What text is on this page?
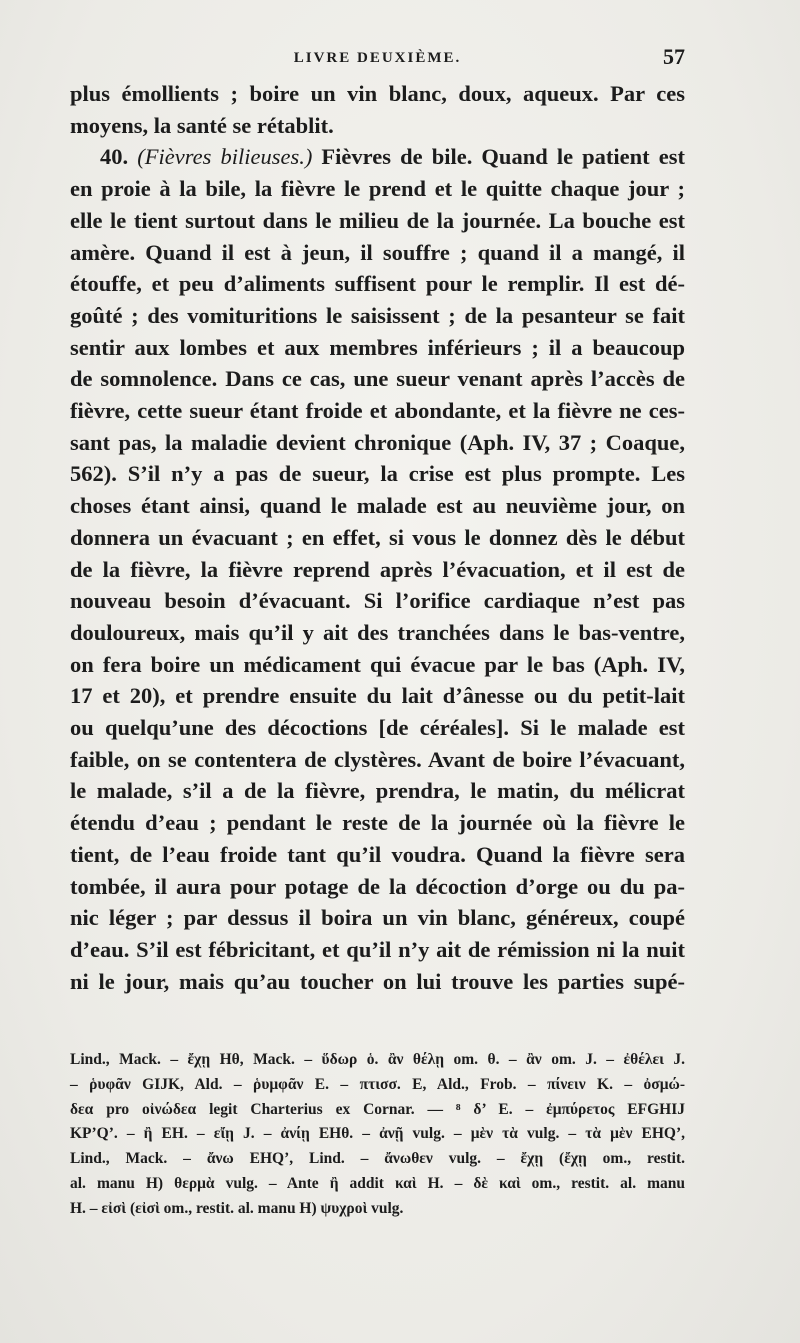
LIVRE DEUXIÈME.	57
plus émollients ; boire un vin blanc, doux, aqueux. Par ces
moyens, la santé se rétablit.
40. (Fièvres bilieuses.) Fièvres de bile. Quand le patient est
en proie à la bile, la fièvre le prend et le quitte chaque jour ;
elle le tient surtout dans le milieu de la journée. La bouche est
amère. Quand il est à jeun, il souffre ; quand il a mangé, il
étouffe, et peu d’aliments suffisent pour le remplir. Il est dé-
goûté ; des vomituritions le saisissent ; de la pesanteur se fait
sentir aux lombes et aux membres inférieurs ; il a beaucoup
de somnolence. Dans ce cas, une sueur venant après l’accès de
fièvre, cette sueur étant froide et abondante, et la fièvre ne ces-
sant pas, la maladie devient chronique (Aph. IV, 37 ; Coaque,
562). S’il n’y a pas de sueur, la crise est plus prompte. Les
choses étant ainsi, quand le malade est au neuvième jour, on
donnera un évacuant ; en effet, si vous le donnez dès le début
de la fièvre, la fièvre reprend après l’évacuation, et il est de
nouveau besoin d’évacuant. Si l’orifice cardiaque n’est pas
douloureux, mais qu’il y ait des tranchées dans le bas-ventre,
on fera boire un médicament qui évacue par le bas (Aph. IV,
17 et 20), et prendre ensuite du lait d’ânesse ou du petit-lait
ou quelqu’une des décoctions [de céréales]. Si le malade est
faible, on se contentera de clystères. Avant de boire l’évacuant,
le malade, s’il a de la fièvre, prendra, le matin, du mélicrat
étendu d’eau ; pendant le reste de la journée où la fièvre le
tient, de l’eau froide tant qu’il voudra. Quand la fièvre sera
tombée, il aura pour potage de la décoction d’orge ou du pa-
nic léger ; par dessus il boira un vin blanc, généreux, coupé
d’eau. S’il est fébricitant, et qu’il n’y ait de rémission ni la nuit
ni le jour, mais qu’au toucher on lui trouve les parties supé-
Lind., Mack. – ἔχῃ Hθ, Mack. – ὕδωρ ὁ. ἂν θέλῃ om. θ. – ἂν om. J. – ἐθέλει J.
– ῥυφᾶν GIJK, Ald. – ῥυμφᾶν E. – πτισσ. E, Ald., Frob. – πίνειν K. – ὀσμώ-
δεα pro οἰνώδεα legit Charterius ex Cornar. — ⁸ δ’ E. – ἐμπύρετος EFGHIJ
KP’Q’. – ἢ EH. – εἴῃ J. – ἀνίῃ EHθ. – ἀνῇ vulg. – μὲν τὰ vulg. – τὰ μὲν EHQ’,
Lind., Mack. – ἄνω EHQ’, Lind. – ἄνωθεν vulg. – ἔχῃ (ἔχῃ om., restit.
al. manu H) θερμὰ vulg. – Ante ἢ addit καὶ H. – δὲ καὶ om., restit. al. manu
H. – εἰσὶ (εἰσὶ om., restit. al. manu H) ψυχροὶ vulg.
